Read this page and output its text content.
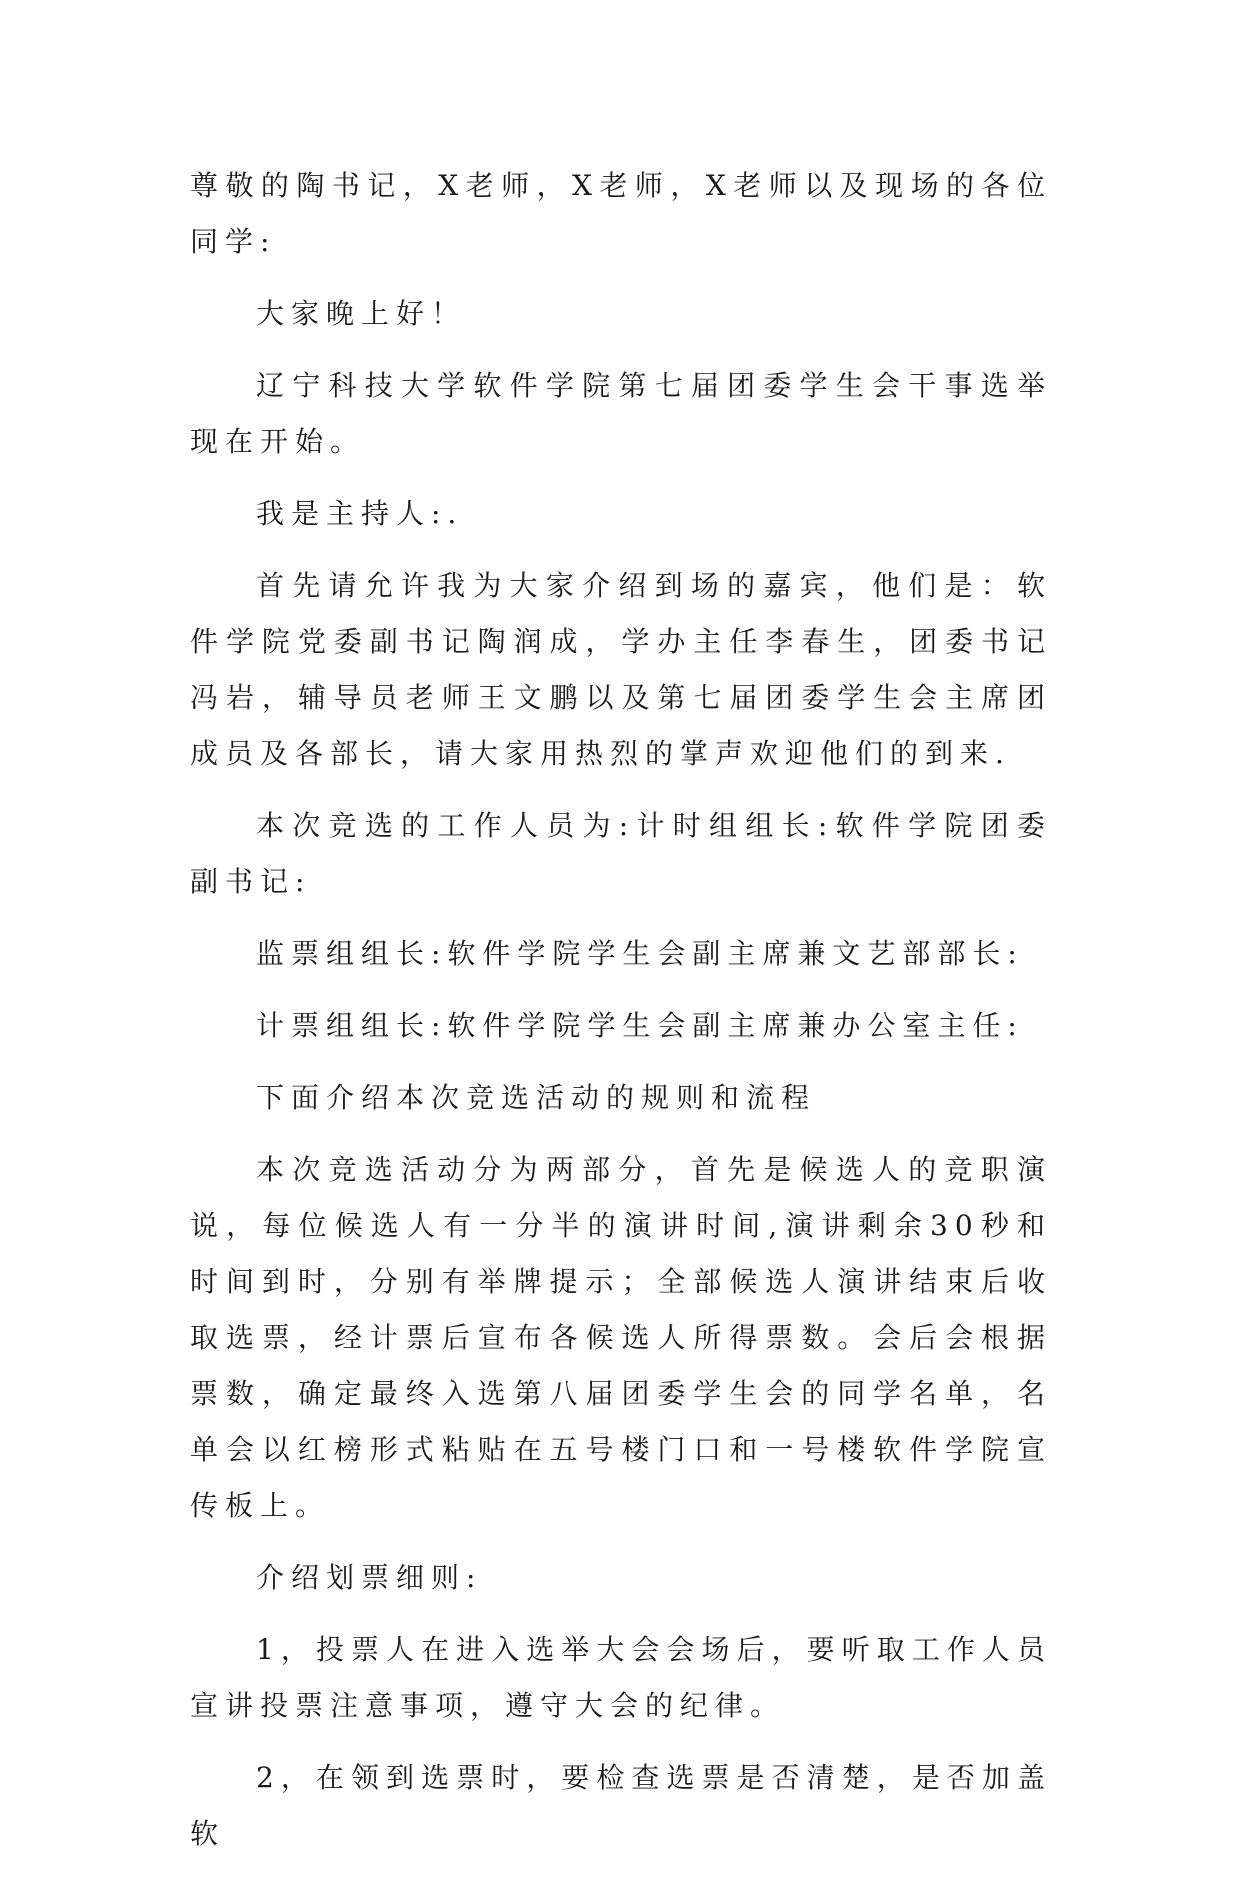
尊敬的陶书记，X老师，X老师，X老师以及现场的各位同学:

大家晚上好！

辽宁科技大学软件学院第七届团委学生会干事选举现在开始。

我是主持人:.

首先请允许我为大家介绍到场的嘉宾，他们是：软件学院党委副书记陶润成，学办主任李春生，团委书记冯岩，辅导员老师王文鹏以及第七届团委学生会主席团成员及各部长，请大家用热烈的掌声欢迎他们的到来.

本次竞选的工作人员为:计时组组长:软件学院团委副书记:

监票组组长:软件学院学生会副主席兼文艺部部长:

计票组组长:软件学院学生会副主席兼办公室主任:

下面介绍本次竞选活动的规则和流程

本次竞选活动分为两部分，首先是候选人的竞职演说，每位候选人有一分半的演讲时间,演讲剩余30秒和时间到时，分别有举牌提示；全部候选人演讲结束后收取选票，经计票后宣布各候选人所得票数。会后会根据票数，确定最终入选第八届团委学生会的同学名单，名单会以红榜形式粘贴在五号楼门口和一号楼软件学院宣传板上。

介绍划票细则:

1，投票人在进入选举大会会场后，要听取工作人员宣讲投票注意事项，遵守大会的纪律。

2，在领到选票时，要检查选票是否清楚，是否加盖软
